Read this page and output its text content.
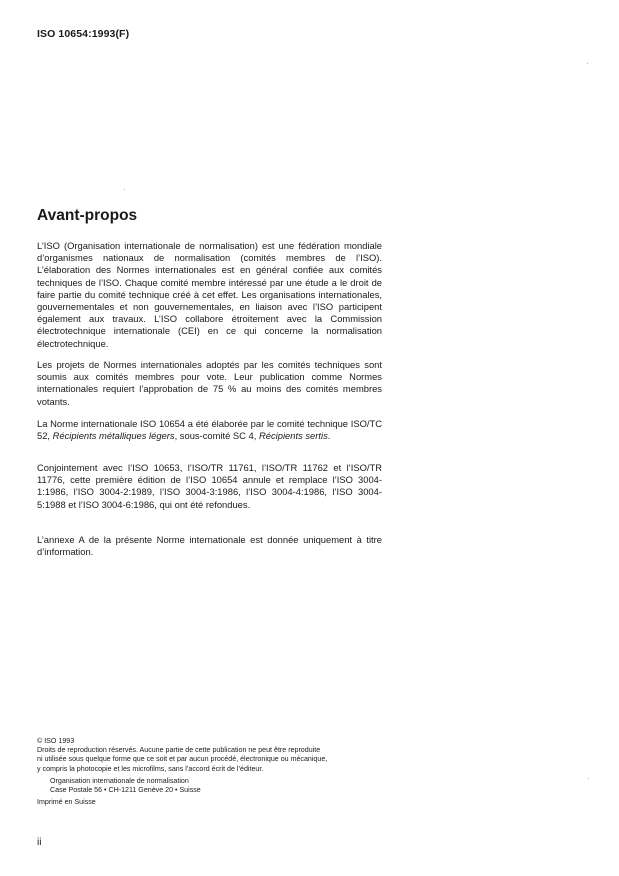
ISO 10654:1993(F)
Avant-propos

L’ISO (Organisation internationale de normalisation) est une fédération mondiale d’organismes nationaux de normalisation (comités membres de l’ISO). L’élaboration des Normes internationales est en général confiée aux comités techniques de l’ISO. Chaque comité membre intéressé par une étude a le droit de faire partie du comité technique créé à cet effet. Les organisations internationales, gouvernementales et non gouvernementales, en liaison avec l’ISO participent également aux travaux. L’ISO collabore étroitement avec la Commission électrotechnique internationale (CEI) en ce qui concerne la normalisation électrotechnique.

Les projets de Normes internationales adoptés par les comités techniques sont soumis aux comités membres pour vote. Leur publication comme Normes internationales requiert l’approbation de 75 % au moins des comités membres votants.

La Norme internationale ISO 10654 a été élaborée par le comité technique ISO/TC 52, Récipients métalliques légers, sous-comité SC 4, Récipients sertis.

Conjointement avec l’ISO 10653, l’ISO/TR 11761, l’ISO/TR 11762 et l’ISO/TR 11776, cette première édition de l’ISO 10654 annule et remplace l’ISO 3004-1:1986, l’ISO 3004-2:1989, l’ISO 3004-3:1986, l’ISO 3004-4:1986, l’ISO 3004-5:1988 et l’ISO 3004-6:1986, qui ont été refondues.

L’annexe A de la présente Norme internationale est donnée uniquement à titre d’information.

© ISO 1993
Droits de reproduction réservés. Aucune partie de cette publication ne peut être reproduite
ni utilisée sous quelque forme que ce soit et par aucun procédé, électronique ou mécanique,
y compris la photocopie et les microfilms, sans l’accord écrit de l’éditeur.
Organisation internationale de normalisation
Case Postale 56 • CH-1211 Genève 20 • Suisse
Imprimé en Suisse
ii
